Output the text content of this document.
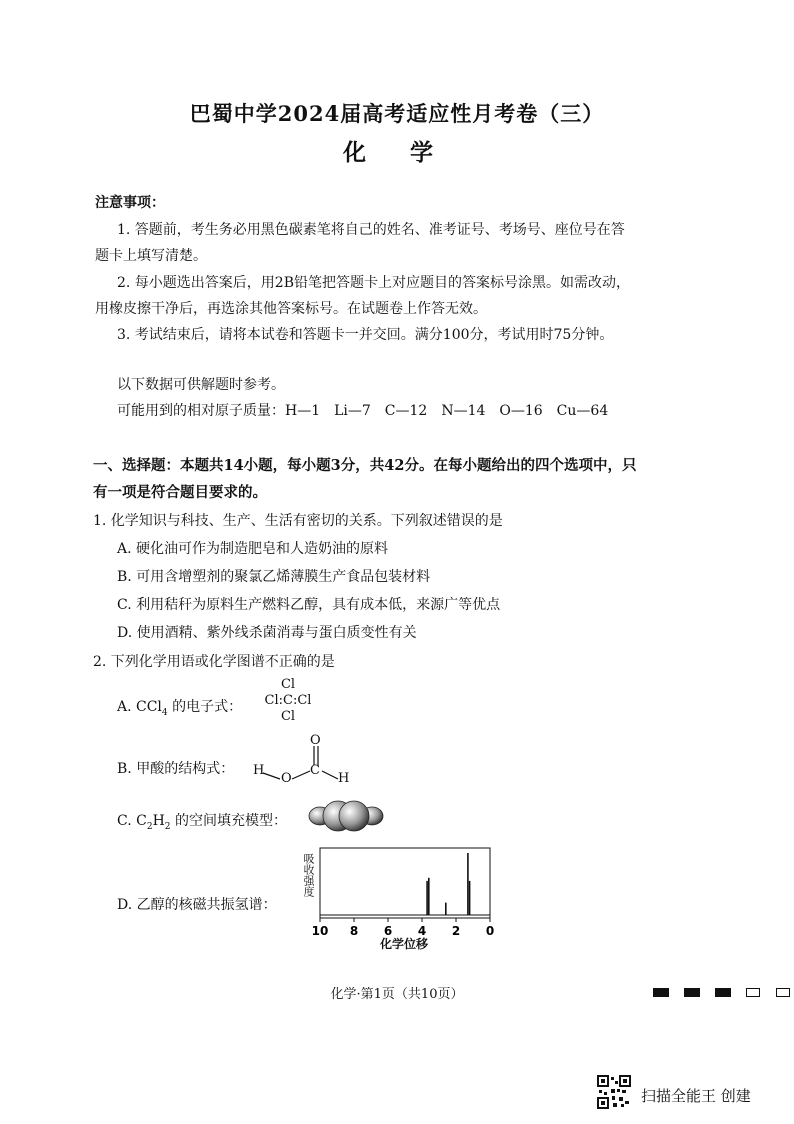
巴蜀中学2024届高考适应性月考卷（三）
化 学
注意事项：
1. 答题前，考生务必用黑色碳素笔将自己的姓名、准考证号、考场号、座位号在答
题卡上填写清楚。
2. 每小题选出答案后，用2B铅笔把答题卡上对应题目的答案标号涂黑。如需改动，
用橡皮擦干净后，再选涂其他答案标号。在试题卷上作答无效。
3. 考试结束后，请将本试卷和答题卡一并交回。满分100分，考试用时75分钟。
以下数据可供解题时参考。
可能用到的相对原子质量：H—1　Li—7　C—12　N—14　O—16　Cu—64
一、选择题：本题共14小题，每小题3分，共42分。在每小题给出的四个选项中，只
有一项是符合题目要求的。
1. 化学知识与科技、生产、生活有密切的关系。下列叙述错误的是
A. 硬化油可作为制造肥皂和人造奶油的原料
B. 可用含增塑剂的聚氯乙烯薄膜生产食品包装材料
C. 利用秸秆为原料生产燃料乙醇，具有成本低，来源广等优点
D. 使用酒精、紫外线杀菌消毒与蛋白质变性有关
2. 下列化学用语或化学图谱不正确的是
A. CCl$_4$ 的电子式：
Cl
Cl:C:Cl
Cl
B. 甲酸的结构式：
O
H
O
C
H
C. $C_2H_2$ 的空间填充模型：
D. 乙醇的核磁共振氢谱：
10 8 6 4 2 0
吸收强度
化学位移
化学·第1页（共10页）
扫描全能王 创建
